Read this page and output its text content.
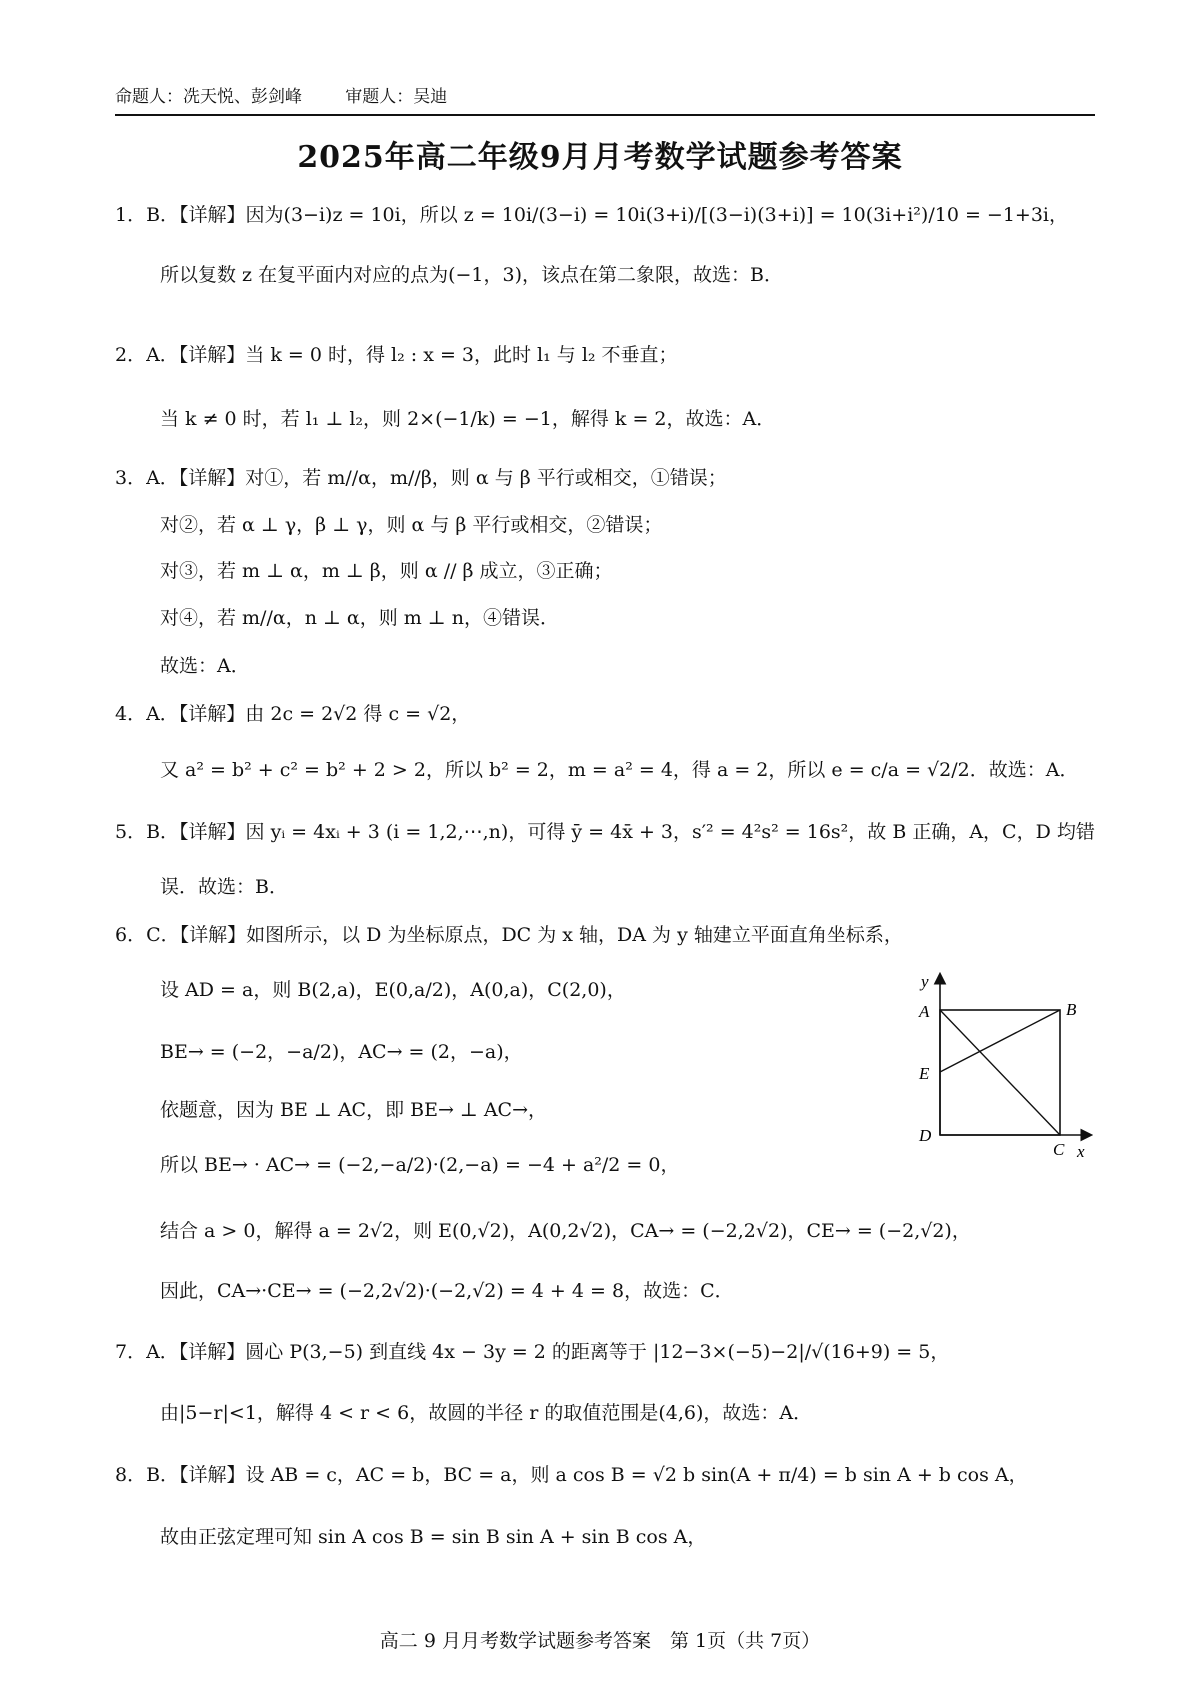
命题人：冼天悦、彭剑峰	审题人：吴迪
2025年高二年级9月月考数学试题参考答案
1．B．【详解】因为(3−i)z = 10i，所以 z = 10i/(3−i) = 10i(3+i)/[(3−i)(3+i)] = 10(3i+i²)/10 = −1+3i，
所以复数 z 在复平面内对应的点为(−1，3)，该点在第二象限，故选：B．
2．A．【详解】当 k = 0 时，得 l₂ : x = 3，此时 l₁ 与 l₂ 不垂直；
当 k ≠ 0 时，若 l₁ ⊥ l₂，则 2×(−1/k) = −1，解得 k = 2，故选：A．
3．A．【详解】对①，若 m//α，m//β，则 α 与 β 平行或相交，①错误；
对②，若 α ⊥ γ，β ⊥ γ，则 α 与 β 平行或相交，②错误；
对③，若 m ⊥ α，m ⊥ β，则 α // β 成立，③正确；
对④，若 m//α，n ⊥ α，则 m ⊥ n，④错误．
故选：A．
4．A．【详解】由 2c = 2√2 得 c = √2，
又 a² = b² + c² = b² + 2 > 2，所以 b² = 2，m = a² = 4，得 a = 2，所以 e = c/a = √2/2．故选：A．
5．B．【详解】因 yᵢ = 4xᵢ + 3 (i = 1,2,⋯,n)，可得 ȳ = 4x̄ + 3，s′² = 4²s² = 16s²，故 B 正确，A，C，D 均错
误．故选：B．
6．C．【详解】如图所示，以 D 为坐标原点，DC 为 x 轴，DA 为 y 轴建立平面直角坐标系，
设 AD = a，则 B(2,a)，E(0,a/2)，A(0,a)，C(2,0)，
BE→ = (−2，−a/2)，AC→ = (2，−a)，
依题意，因为 BE ⊥ AC，即 BE→ ⊥ AC→，
所以 BE→ · AC→ = (−2,−a/2)·(2,−a) = −4 + a²/2 = 0，
结合 a > 0，解得 a = 2√2，则 E(0,√2)，A(0,2√2)，CA→ = (−2,2√2)，CE→ = (−2,√2)，
因此，CA→·CE→ = (−2,2√2)·(−2,√2) = 4 + 4 = 8，故选：C．
7．A．【详解】圆心 P(3,−5) 到直线 4x − 3y = 2 的距离等于 |12−3×(−5)−2|/√(16+9) = 5，
由|5−r|<1，解得 4 < r < 6，故圆的半径 r 的取值范围是(4,6)，故选：A．
8．B．【详解】设 AB = c，AC = b，BC = a，则 a cos B = √2 b sin(A + π/4) = b sin A + b cos A，
故由正弦定理可知 sin A cos B = sin B sin A + sin B cos A，
y
x
A	B
E
D
C
高二 9 月月考数学试题参考答案　第 1页（共 7页）
